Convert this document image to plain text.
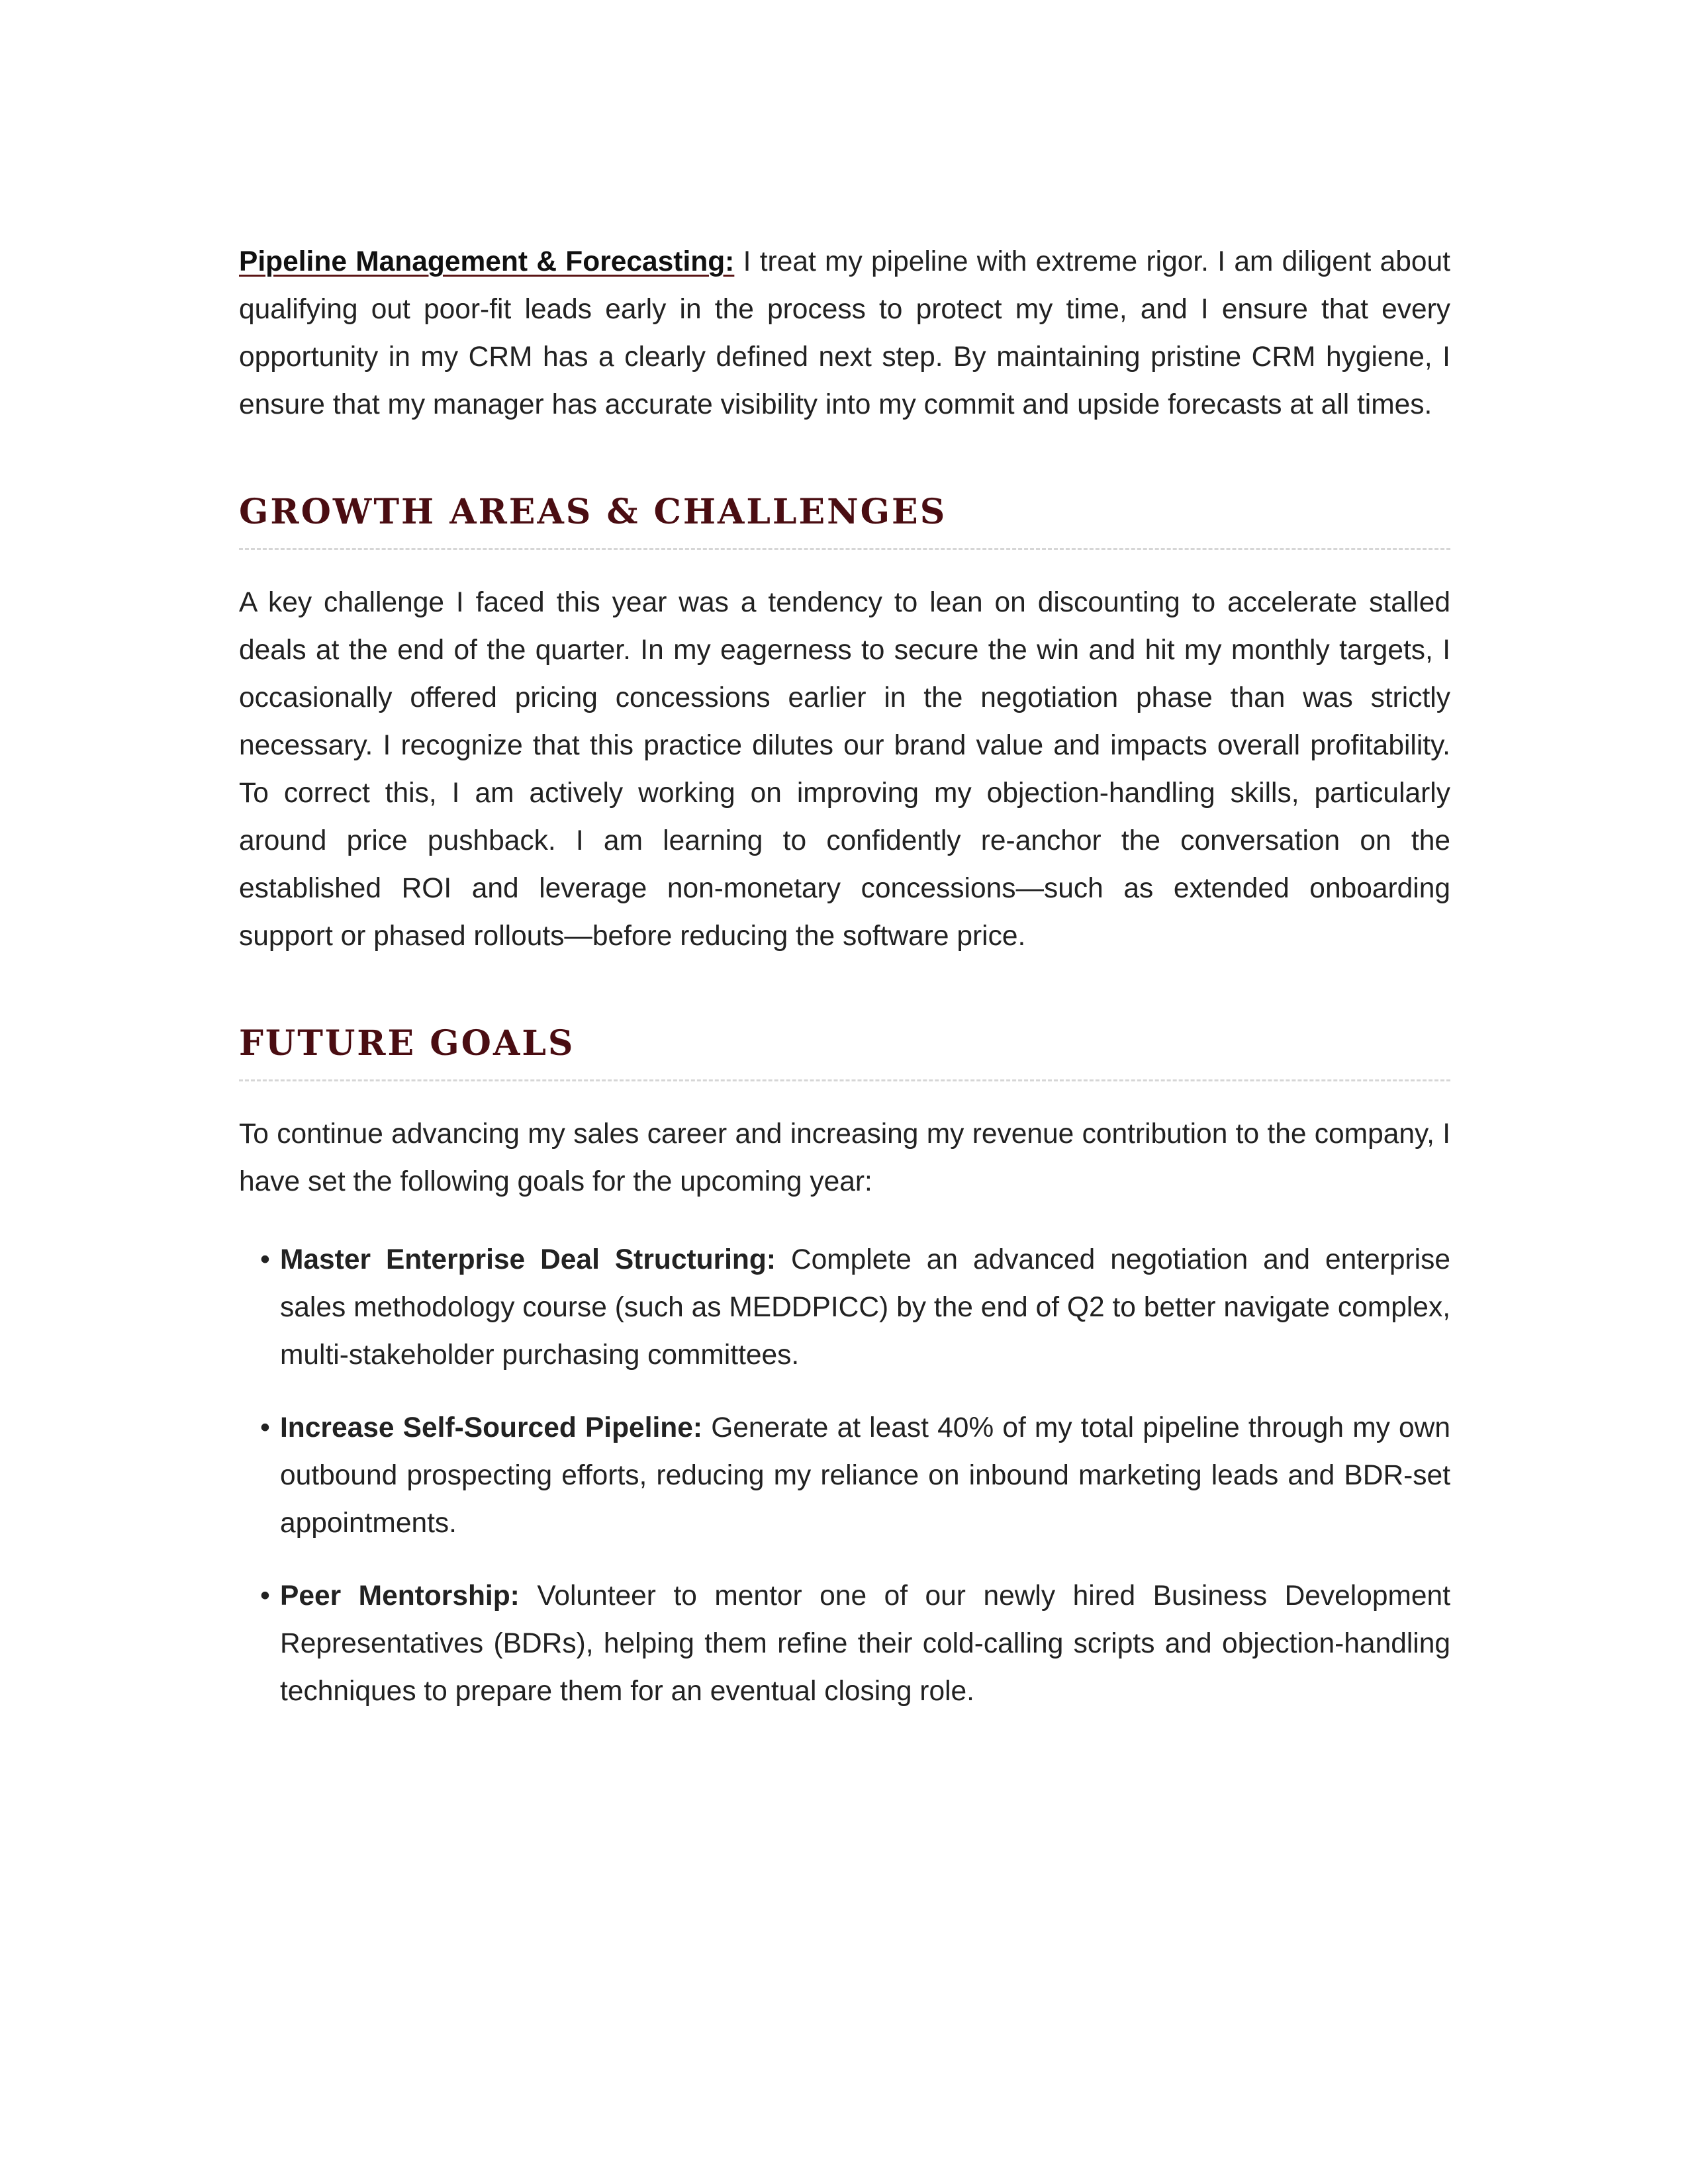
Pipeline Management & Forecasting: I treat my pipeline with extreme rigor. I am diligent about qualifying out poor-fit leads early in the process to protect my time, and I ensure that every opportunity in my CRM has a clearly defined next step. By maintaining pristine CRM hygiene, I ensure that my manager has accurate visibility into my commit and upside forecasts at all times.

GROWTH AREAS & CHALLENGES

A key challenge I faced this year was a tendency to lean on discounting to accelerate stalled deals at the end of the quarter. In my eagerness to secure the win and hit my monthly targets, I occasionally offered pricing concessions earlier in the negotiation phase than was strictly necessary. I recognize that this practice dilutes our brand value and impacts overall profitability. To correct this, I am actively working on improving my objection-handling skills, particularly around price pushback. I am learning to confidently re-anchor the conversation on the established ROI and leverage non-monetary concessions—such as extended onboarding support or phased rollouts—before reducing the software price.

FUTURE GOALS

To continue advancing my sales career and increasing my revenue contribution to the company, I have set the following goals for the upcoming year:

• Master Enterprise Deal Structuring: Complete an advanced negotiation and enterprise sales methodology course (such as MEDDPICC) by the end of Q2 to better navigate complex, multi-stakeholder purchasing committees.
• Increase Self-Sourced Pipeline: Generate at least 40% of my total pipeline through my own outbound prospecting efforts, reducing my reliance on inbound marketing leads and BDR-set appointments.
• Peer Mentorship: Volunteer to mentor one of our newly hired Business Development Representatives (BDRs), helping them refine their cold-calling scripts and objection-handling techniques to prepare them for an eventual closing role.
